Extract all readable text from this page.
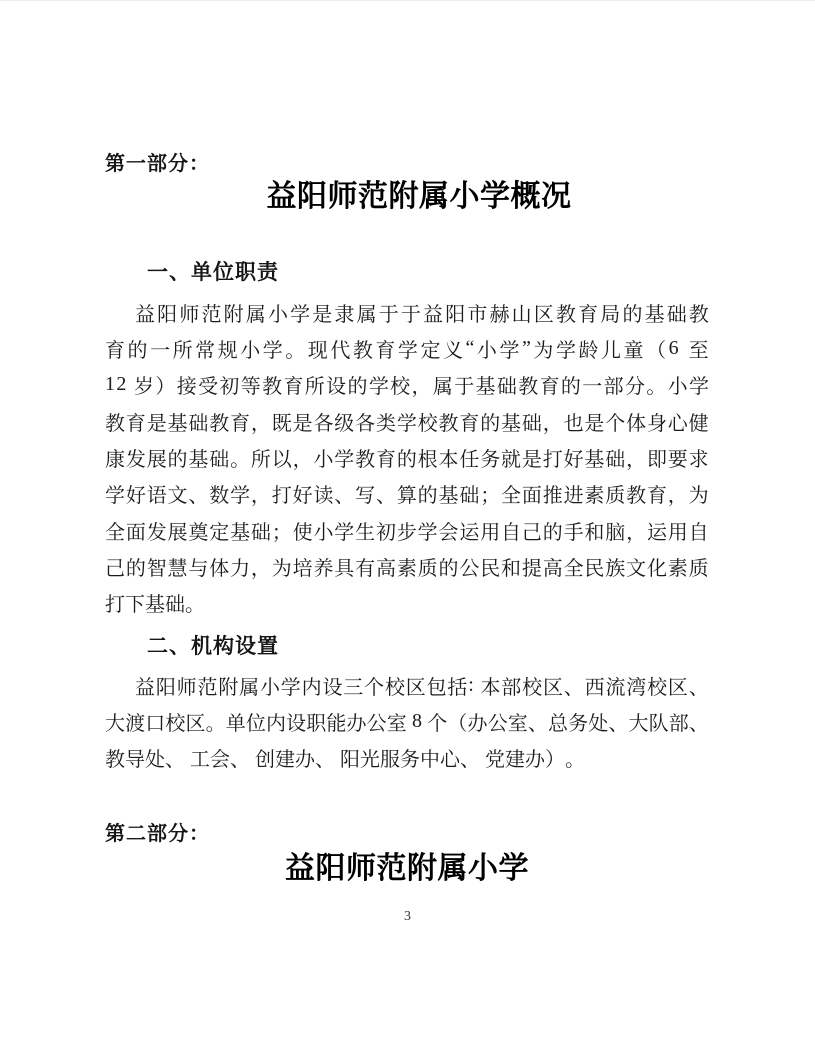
第一部分：
益阳师范附属小学概况
一、单位职责
益 阳 师 范 附 属 小 学 是 隶 属 于 于 益 阳 市 赫 山 区 教 育 局 的 基 础 教
育 的 一 所 常 规 小 学 。 现 代 教 育 学 定 义 “ 小 学 ” 为 学 龄 儿 童 （ 6
至
1 2
岁 ） 接 受 初 等 教 育 所 设 的 学 校 ， 属 于 基 础 教 育 的 一 部 分 。 小 学
教 育 是 基 础 教 育 ， 既 是 各 级 各 类 学 校 教 育 的 基 础 ， 也 是 个 体 身 心 健
康 发 展 的 基 础 。 所 以 ， 小 学 教 育 的 根 本 任 务 就 是 打 好 基 础 ， 即 要 求
学 好 语 文 、 数 学 ， 打 好 读 、 写 、 算 的 基 础 ； 全 面 推 进 素 质 教 育 ， 为
全 面 发 展 奠 定 基 础 ； 使 小 学 生 初 步 学 会 运 用 自 己 的 手 和 脑 ， 运 用 自
己 的 智 慧 与 体 力 ， 为 培 养 具 有 高 素 质 的 公 民 和 提 高 全 民 族 文 化 素 质
打 下 基 础 。
二、机构设置
益 阳 师 范 附 属 小 学 内 设 三 个 校 区 包 括 :
本 部 校 区 、 西 流 湾 校 区 、
大 渡 口 校 区 。 单 位 内 设 职 能 办 公 室
8
个 （ 办 公 室 、 总 务 处 、 大 队 部 、
教 导 处 、
工 会 、
创 建 办 、
阳 光 服 务 中 心 、
党 建 办 ） 。
第二部分：
益阳师范附属小学
3
